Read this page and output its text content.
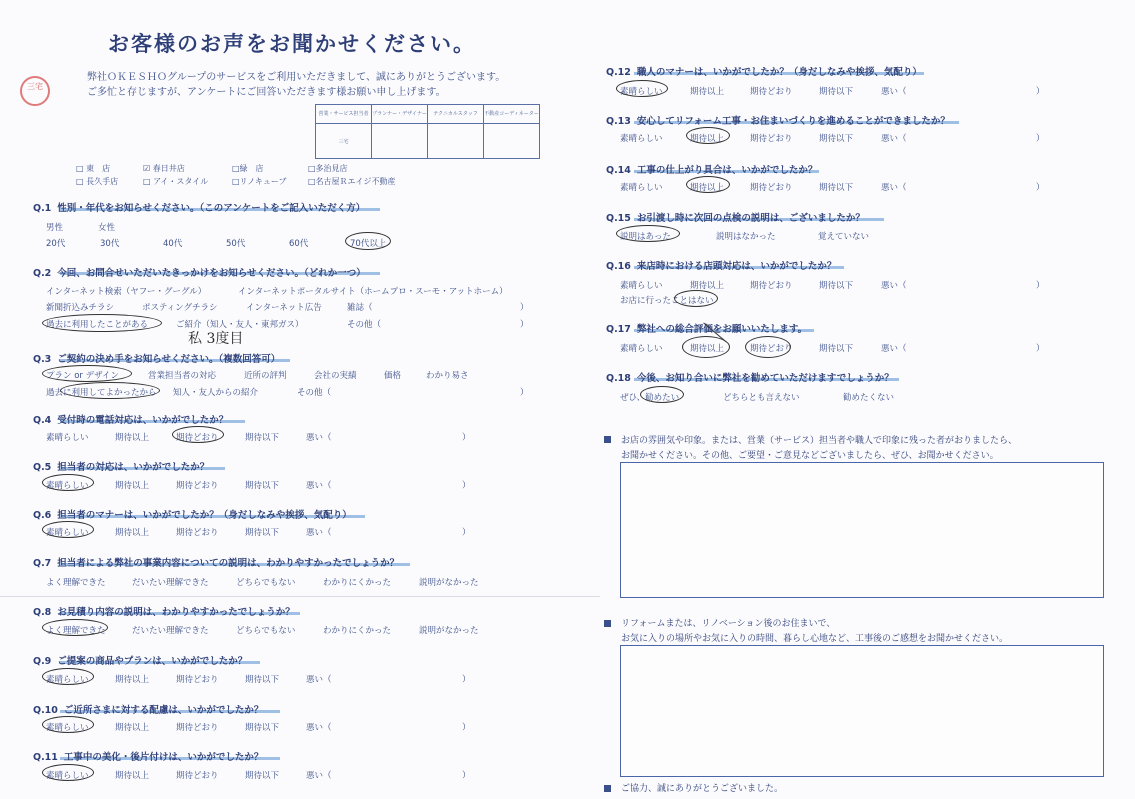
お客様のお声をお聞かせください。
三宅
弊社ＯＫＥＳＨＯグループのサービスをご利用いただきまして、誠にありがとうございます。
ご多忙と存じますが、アンケートにご回答いただきます様お願い申し上げます。
営業・サービス担当者	プランナー・デザイナー	テクニカルスタッフ	不動産コーディネーター
三宅			
□ 東　店	☑ 春日井店	□緑　店	□多治見店
□ 長久手店	□ アイ・スタイル	□リノキューブ	□名古屋Ｒエイジ不動産
Q.1 性別・年代をお知らせください。（このアンケートをご記入いただく方）
男性	女性
20代	30代	40代	50代	60代	70代以上
Q.2 今回、お問合せいただいたきっかけをお知らせください。（どれか一つ）
インターネット検索（ヤフー・グーグル）	インターネットポータルサイト（ホームプロ・スーモ・アットホーム）
新聞折込みチラシ	ポスティングチラシ	インターネット広告	雑誌（	）
過去に利用したことがある	ご紹介（知人・友人・東邦ガス）	その他（	）
私 3度目
Q.3 ご契約の決め手をお知らせください。（複数回答可）
プラン or デザイン	営業担当者の対応	近所の評判	会社の実績	価格	わかり易さ
過去に利用してよかったから 知人・友人からの紹介	その他（	）
Q.4 受付時の電話対応は、いかがでしたか？
素晴らしい	期待以上	期待どおり	期待以下	悪い（	）
Q.5 担当者の対応は、いかがでしたか？
素晴らしい	期待以上	期待どおり	期待以下	悪い（	）
Q.6 担当者のマナーは、いかがでしたか？（身だしなみや挨拶、気配り）
素晴らしい	期待以上	期待どおり	期待以下	悪い（	）
Q.7 担当者による弊社の事業内容についての説明は、わかりやすかったでしょうか？
よく理解できた	だいたい理解できた	どちらでもない	わかりにくかった	説明がなかった
Q.8 お見積り内容の説明は、わかりやすかったでしょうか？
よく理解できた	だいたい理解できた	どちらでもない	わかりにくかった	説明がなかった
Q.9 ご提案の商品やプランは、いかがでしたか？
素晴らしい	期待以上	期待どおり	期待以下	悪い（	）
Q.10 ご近所さまに対する配慮は、いかがでしたか？
素晴らしい	期待以上	期待どおり	期待以下	悪い（	）
Q.11 工事中の美化・後片付けは、いかがでしたか？
素晴らしい	期待以上	期待どおり	期待以下	悪い（	）
Q.12 職人のマナーは、いかがでしたか？（身だしなみや挨拶、気配り）
素晴らしい	期待以上	期待どおり	期待以下	悪い（	）
Q.13 安心してリフォーム工事・お住まいづくりを進めることができましたか？
素晴らしい	期待以上	期待どおり	期待以下	悪い（	）
Q.14 工事の仕上がり具合は、いかがでしたか？
素晴らしい	期待以上	期待どおり	期待以下	悪い（	）
Q.15 お引渡し時に次回の点検の説明は、ございましたか？
説明はあった	説明はなかった	覚えていない
Q.16 来店時における店頭対応は、いかがでしたか？
素晴らしい	期待以上	期待どおり	期待以下	悪い（	）
お店に行ったことはない
Q.17 弊社への総合評価をお願いいたします。
素晴らしい	期待以上	期待どおり	期待以下	悪い（	）
Q.18 今後、お知り合いに弊社を勧めていただけますでしょうか？
ぜひ、勧めたい	どちらとも言えない	勧めたくない
お店の雰囲気や印象。または、営業（サービス）担当者や職人で印象に残った者がおりましたら、
お聞かせください。その他、ご要望・ご意見などございましたら、ぜひ、お聞かせください。
リフォームまたは、リノベーション後のお住まいで、
お気に入りの場所やお気に入りの時間、暮らし心地など、工事後のご感想をお聞かせください。
ご協力、誠にありがとうございました。
